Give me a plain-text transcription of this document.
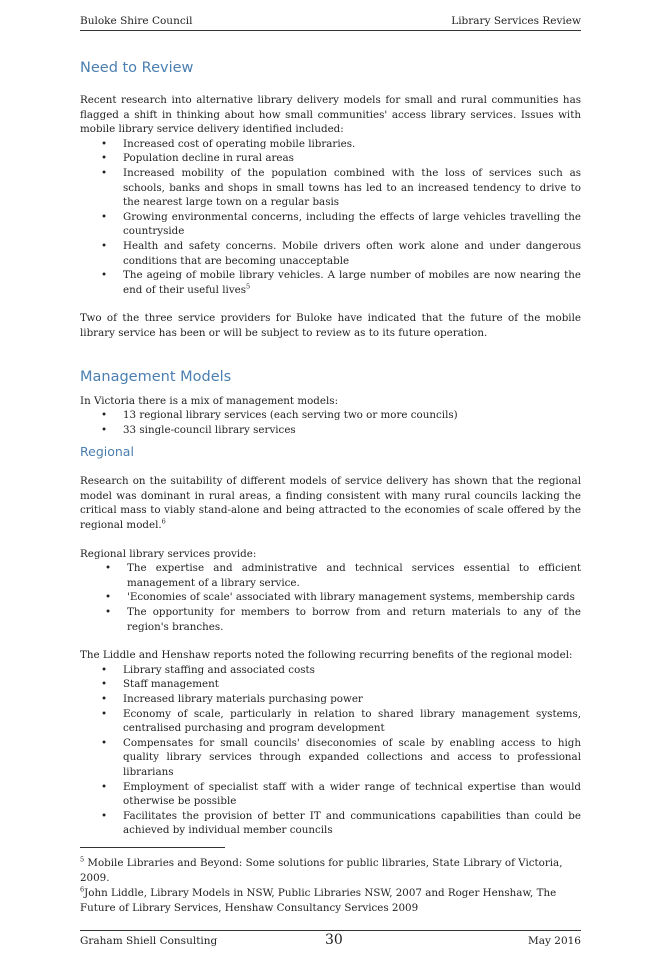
Buloke Shire Council	Library Services Review
Need to Review

Recent research into alternative library delivery models for small and rural communities has flagged a shift in thinking about how small communities' access library services. Issues with mobile library service delivery identified included:

• Increased cost of operating mobile libraries.
• Population decline in rural areas
• Increased mobility of the population combined with the loss of services such as schools, banks and shops in small towns has led to an increased tendency to drive to the nearest large town on a regular basis
• Growing environmental concerns, including the effects of large vehicles travelling the countryside
• Health and safety concerns. Mobile drivers often work alone and under dangerous conditions that are becoming unacceptable
• The ageing of mobile library vehicles. A large number of mobiles are now nearing the end of their useful lives$^5$

Two of the three service providers for Buloke have indicated that the future of the mobile library service has been or will be subject to review as to its future operation.

Management Models

In Victoria there is a mix of management models:

• 13 regional library services (each serving two or more councils)
• 33 single-council library services
Regional

Research on the suitability of different models of service delivery has shown that the regional model was dominant in rural areas, a finding consistent with many rural councils lacking the critical mass to viably stand-alone and being attracted to the economies of scale offered by the regional model.$^6$

Regional library services provide:

•	The expertise and administrative and technical services essential to efficient management of a library service.
•	'Economies of scale' associated with library management systems, membership cards
•	The opportunity for members to borrow from and return materials to any of the region's branches.

The Liddle and Henshaw reports noted the following recurring benefits of the regional model:

• Library staffing and associated costs
• Staff management
• Increased library materials purchasing power
• Economy of scale, particularly in relation to shared library management systems, centralised purchasing and program development
• Compensates for small councils' diseconomies of scale by enabling access to high quality library services through expanded collections and access to professional librarians
• Employment of specialist staff with a wider range of technical expertise than would otherwise be possible
• Facilitates the provision of better IT and communications capabilities than could be achieved by individual member councils
$^5$ Mobile Libraries and Beyond: Some solutions for public libraries, State Library of Victoria, 2009.
$^6$John Liddle, Library Models in NSW, Public Libraries NSW, 2007 and Roger Henshaw, The Future of Library Services, Henshaw Consultancy Services 2009
Graham Shiell Consulting	30	May 2016
